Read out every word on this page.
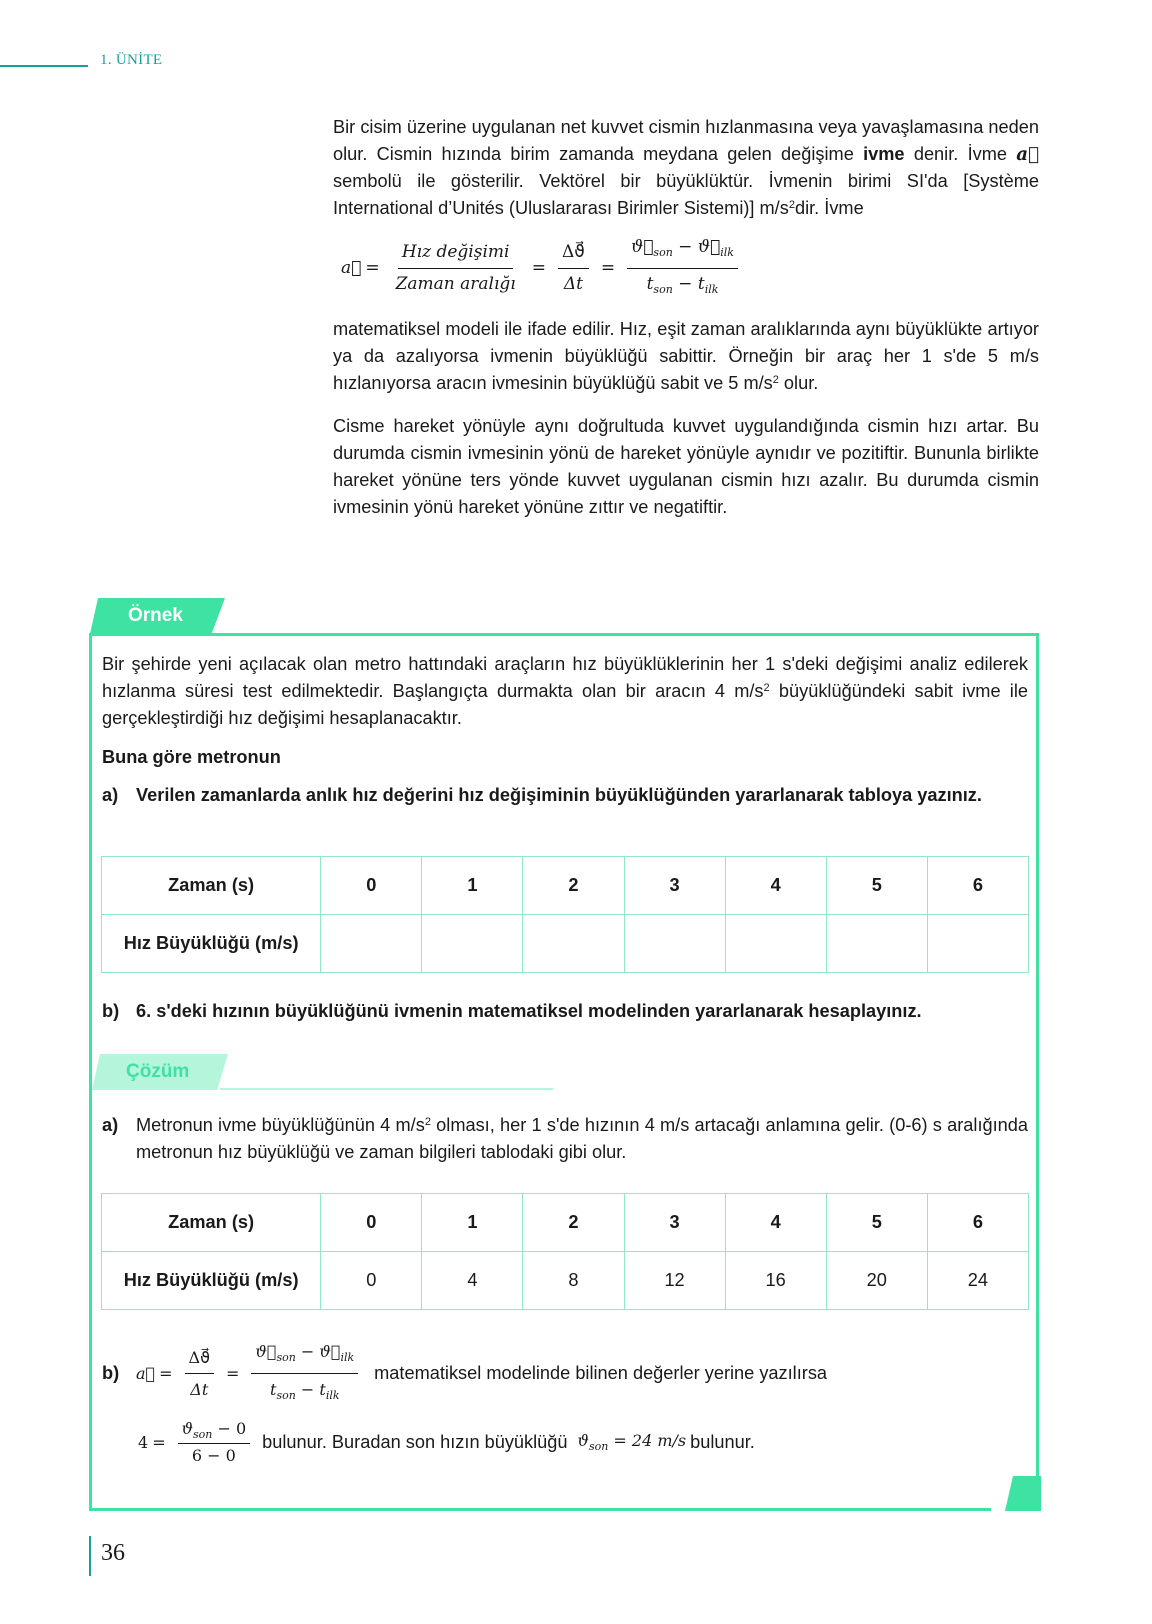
1. ÜNİTE

Bir cisim üzerine uygulanan net kuvvet cismin hızlanmasına veya yavaşlamasına neden olur. Cismin hızında birim zamanda meydana gelen değişime ivme denir. İvme a⃗ sembolü ile gösterilir. Vektörel bir büyüklüktür. İvmenin birimi SI'da [Système International d’Unités (Uluslararası Birimler Sistemi)] $m/s^2dir$. İvme

a⃗ = $\frac{\text{Hız değişimi}}{\text{Zaman aralığı}} = \frac{\Delta ϑ⃗}{\Delta t} = \frac{ϑ⃗_{son} - ϑ⃗_{ilk}}{t_{son} - t_{ilk}}$

matematiksel modeli ile ifade edilir. Hız, eşit zaman aralıklarında aynı büyüklükte artıyor ya da azalıyorsa ivmenin büyüklüğü sabittir. Örneğin bir araç her 1 s'de 5 m/s hızlanıyorsa aracın ivmesinin büyüklüğü sabit ve 5 $m/s^2$ olur.

Cisme hareket yönüyle aynı doğrultuda kuvvet uygulandığında cismin hızı artar. Bu durumda cismin ivmesinin yönü de hareket yönüyle aynıdır ve pozitiftir. Bununla birlikte hareket yönüne ters yönde kuvvet uygulanan cismin hızı azalır. Bu durumda cismin ivmesinin yönü hareket yönüne zıttır ve negatiftir.

Örnek
Bir şehirde yeni açılacak olan metro hattındaki araçların hız büyüklüklerinin her 1 s'deki değişimi analiz edilerek hızlanma süresi test edilmektedir. Başlangıçta durmakta olan bir aracın 4 $m/s^2$ büyüklüğündeki sabit ivme ile gerçekleştirdiği hız değişimi hesaplanacaktır.
Buna göre metronun
a) Verilen zamanlarda anlık hız değerini hız değişiminin büyüklüğünden yararlanarak tabloya yazınız.
Zaman (s)	0	1	2	3	4	5	6
Hız Büyüklüğü (m/s)							
b) 6. s'deki hızının büyüklüğünü ivmenin matematiksel modelinden yararlanarak hesaplayınız.
Çözüm
a) Metronun ivme büyüklüğünün 4 $m/s^2$ olması, her 1 s'de hızının 4 m/s artacağı anlamına gelir. (0-6) s aralığında metronun hız büyüklüğü ve zaman bilgileri tablodaki gibi olur.
Zaman (s)	0	1	2	3	4	5	6
Hız Büyüklüğü (m/s)	0	4	8	12	16	20	24
b)	a⃗ = $\frac{\Delta ϑ⃗}{\Delta t} = \frac{ϑ⃗_{son} - ϑ⃗_{ilk}}{t_{son} - t_{ilk}}$ matematiksel modelinde bilinen değerler yerine yazılırsa
$4 = \frac{ϑ_{son} - 0}{6 - 0}$ bulunur. Buradan son hızın büyüklüğü $ϑ_{son} = 24$ m/s bulunur.
36
